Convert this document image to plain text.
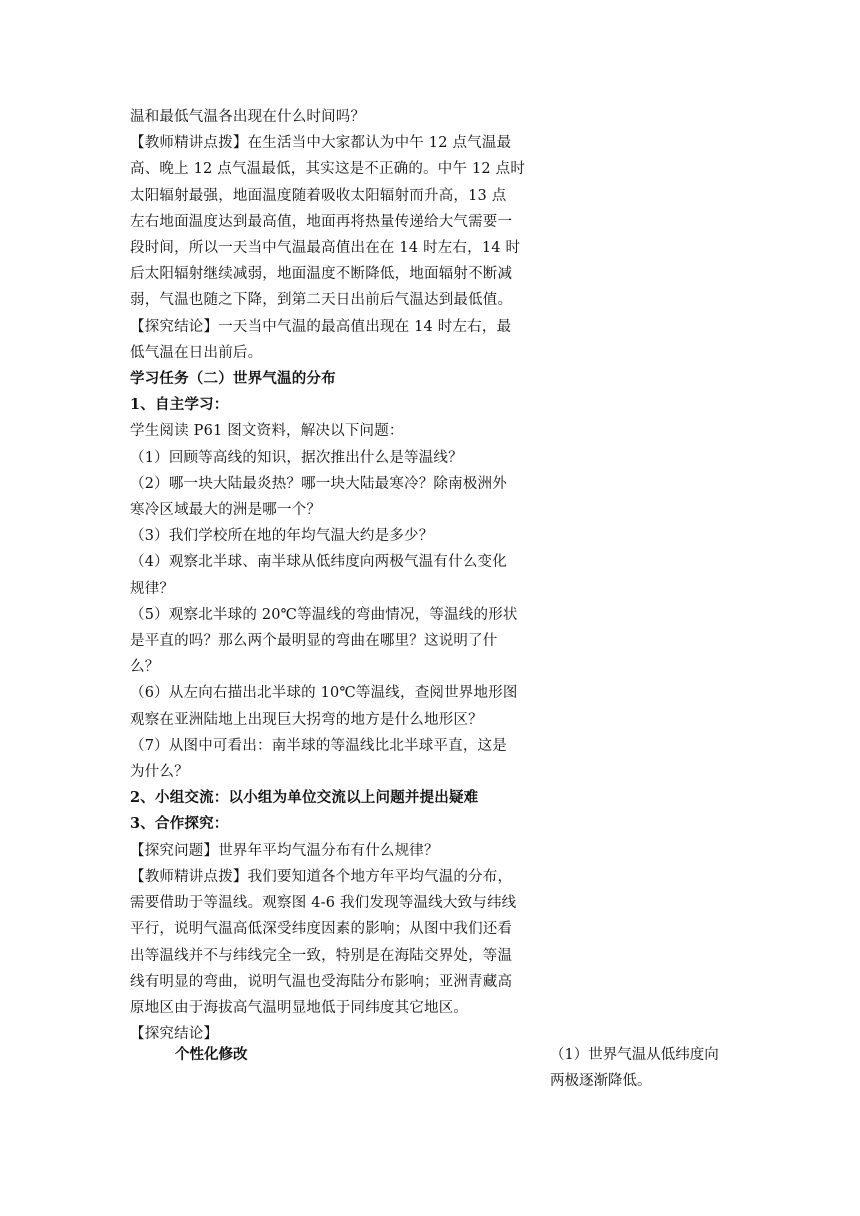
温和最低气温各出现在什么时间吗？

【教师精讲点拨】在生活当中大家都认为中午 12 点气温最

高、晚上 12 点气温最低，其实这是不正确的。中午 12 点时

太阳辐射最强，地面温度随着吸收太阳辐射而升高，13 点

左右地面温度达到最高值，地面再将热量传递给大气需要一

段时间，所以一天当中气温最高值出在在 14 时左右，14 时

后太阳辐射继续减弱，地面温度不断降低，地面辐射不断减

弱，气温也随之下降，到第二天日出前后气温达到最低值。

【探究结论】一天当中气温的最高值出现在 14 时左右，最

低气温在日出前后。

学习任务（二）世界气温的分布

1、自主学习：

学生阅读 P61 图文资料，解决以下问题：

（1）回顾等高线的知识，据次推出什么是等温线？

（2）哪一块大陆最炎热？哪一块大陆最寒冷？除南极洲外

寒冷区域最大的洲是哪一个？

（3）我们学校所在地的年均气温大约是多少？

（4）观察北半球、南半球从低纬度向两极气温有什么变化

规律？

（5）观察北半球的 20℃等温线的弯曲情况，等温线的形状

是平直的吗？那么两个最明显的弯曲在哪里？这说明了什

么？

（6）从左向右描出北半球的 10℃等温线，查阅世界地形图

观察在亚洲陆地上出现巨大拐弯的地方是什么地形区？

（7）从图中可看出：南半球的等温线比北半球平直，这是

为什么？

2、小组交流：以小组为单位交流以上问题并提出疑难

3、合作探究：

【探究问题】世界年平均气温分布有什么规律？

【教师精讲点拨】我们要知道各个地方年平均气温的分布，

需要借助于等温线。观察图 4-6 我们发现等温线大致与纬线

平行，说明气温高低深受纬度因素的影响；从图中我们还看

出等温线并不与纬线完全一致，特别是在海陆交界处，等温

线有明显的弯曲，说明气温也受海陆分布影响；亚洲青藏高

原地区由于海拔高气温明显地低于同纬度其它地区。

【探究结论】

个性化修改	（1）世界气温从低纬度向

两极逐渐降低。
